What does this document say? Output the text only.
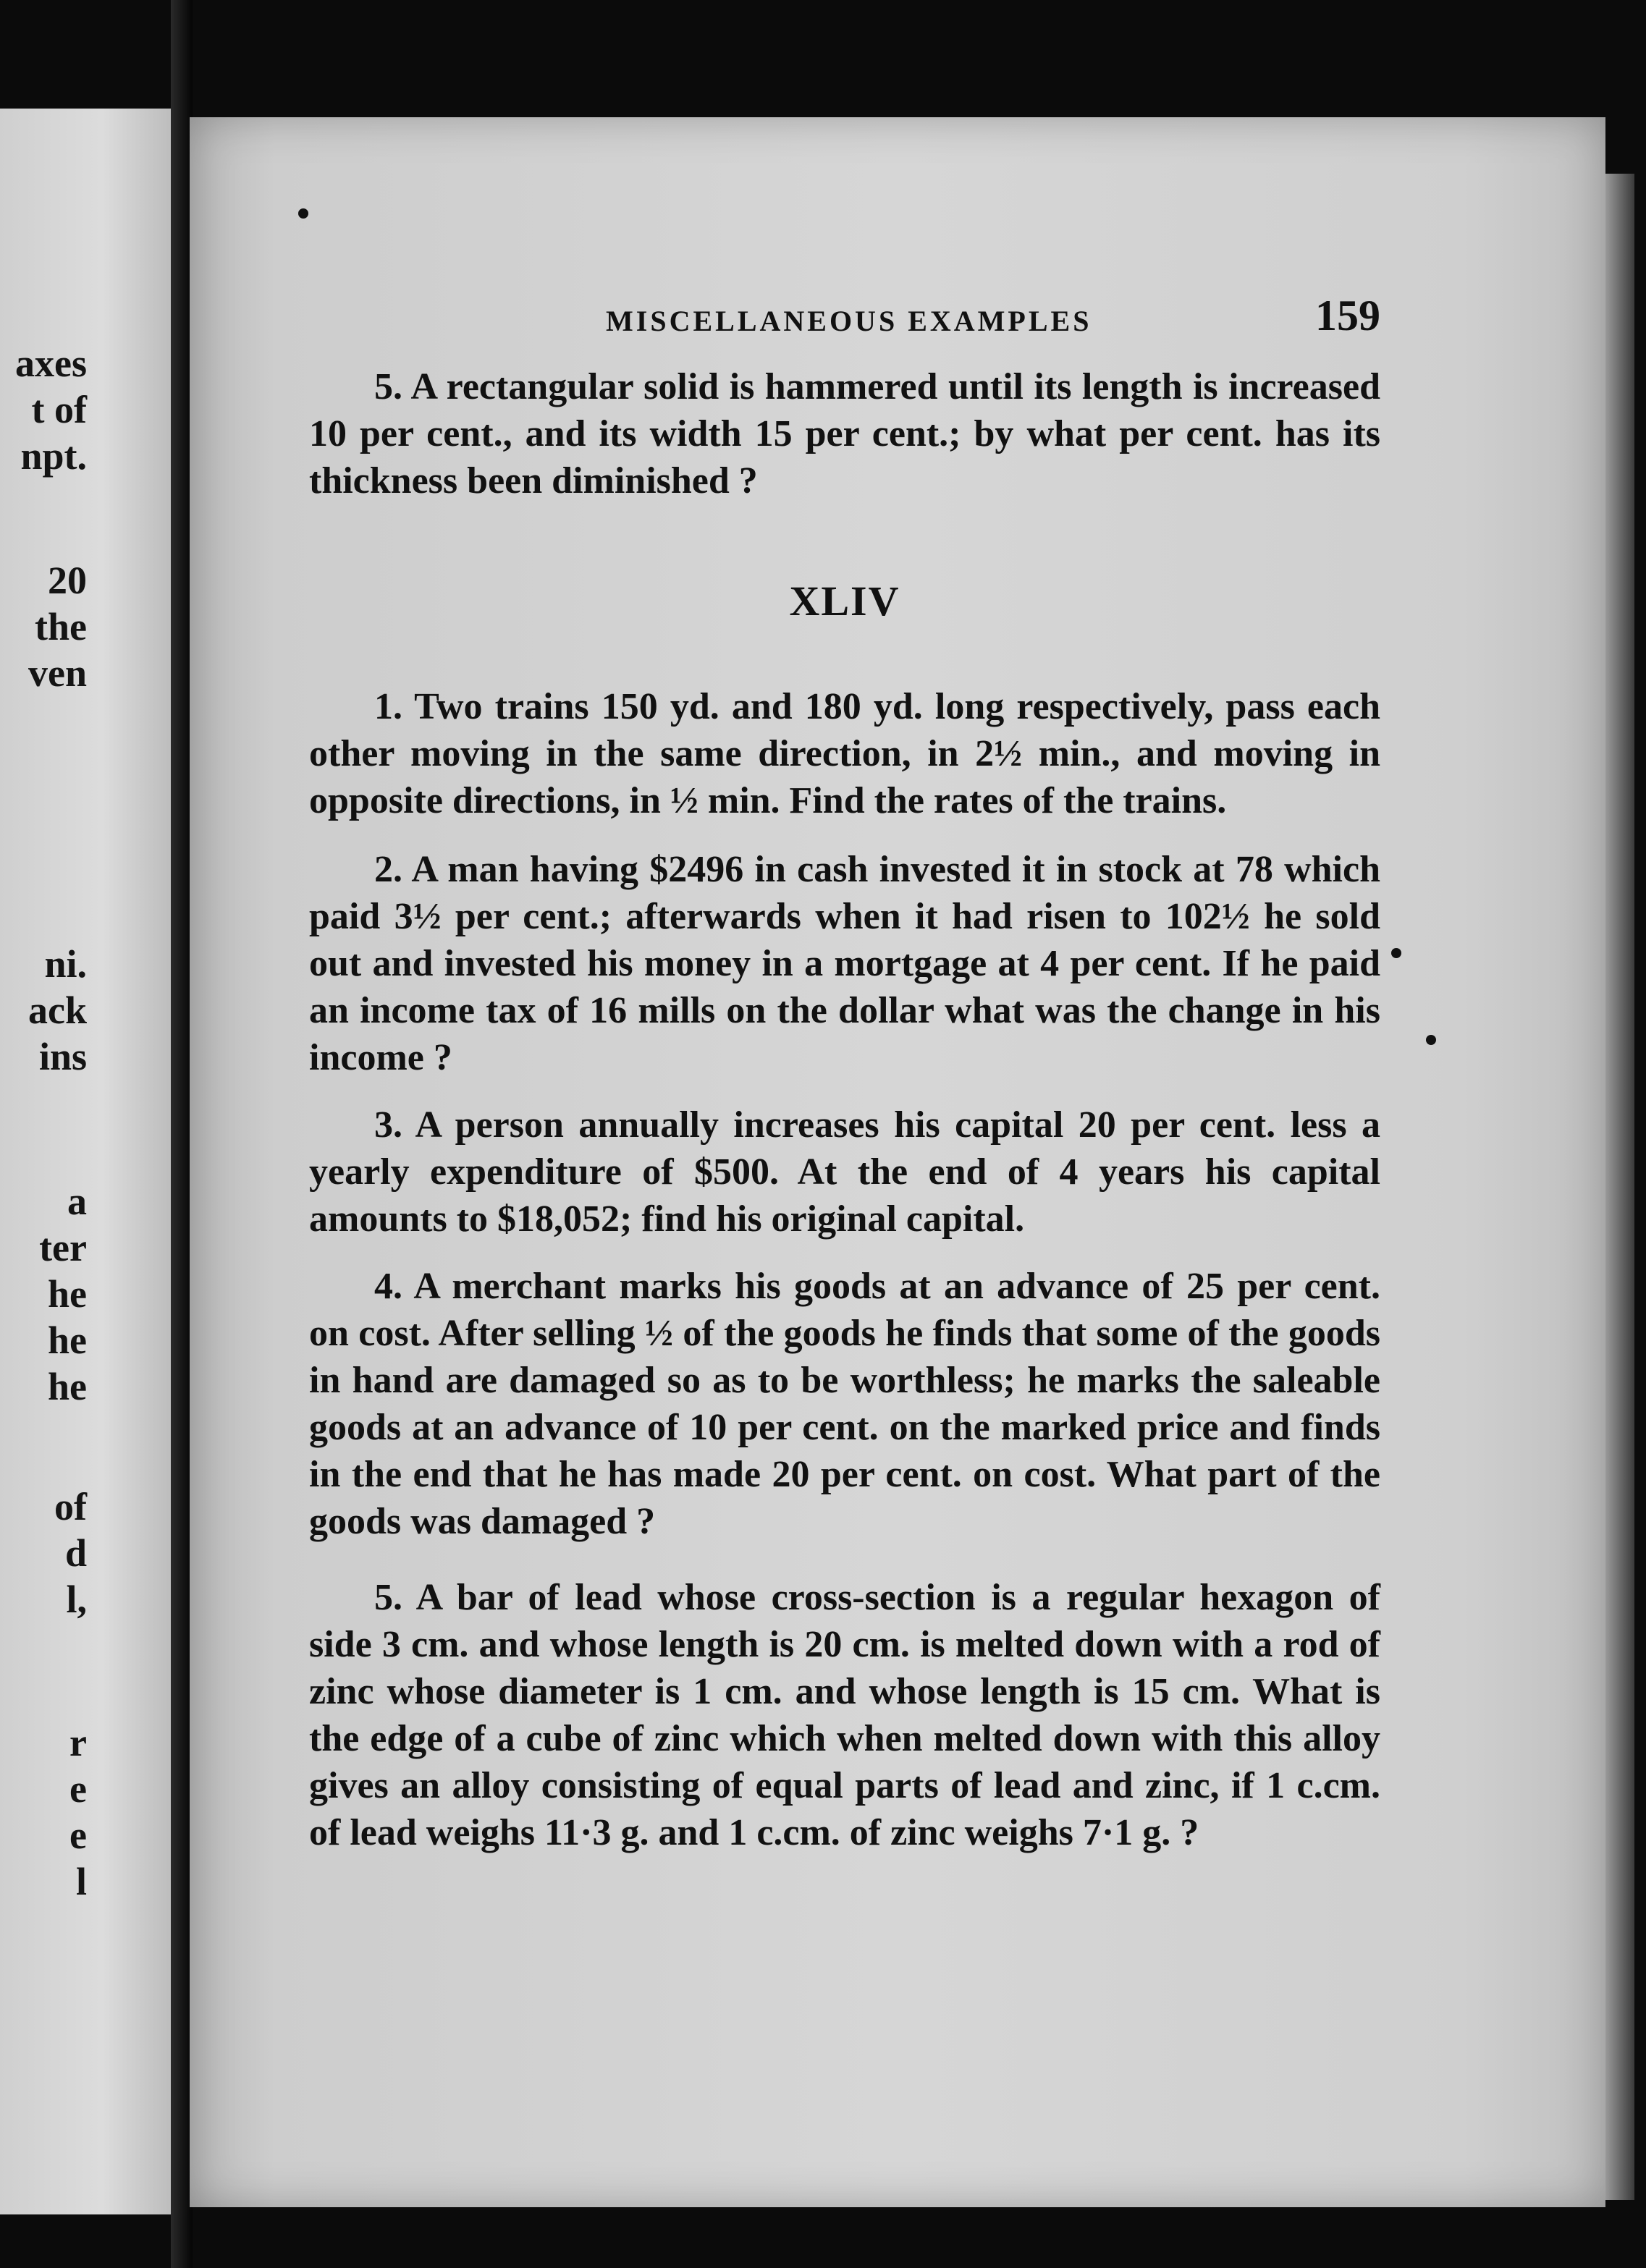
axes
t of
npt.
20
the
ven
ni.
ack
ins
a
ter
he
he
he
of
d
l,
r
e
e
l
MISCELLANEOUS EXAMPLES	159

5. A rectangular solid is hammered until its length is increased 10 per cent., and its width 15 per cent.; by what per cent. has its thickness been diminished ?

XLIV

1. Two trains 150 yd. and 180 yd. long respectively, pass each other moving in the same direction, in 2½ min., and moving in opposite directions, in ½ min. Find the rates of the trains.

2. A man having $2496 in cash invested it in stock at 78 which paid 3½ per cent.; afterwards when it had risen to 102½ he sold out and invested his money in a mortgage at 4 per cent. If he paid an income tax of 16 mills on the dollar what was the change in his income ?

3. A person annually increases his capital 20 per cent. less a yearly expenditure of $500. At the end of 4 years his capital amounts to $18,052; find his original capital.

4. A merchant marks his goods at an advance of 25 per cent. on cost. After selling ½ of the goods he finds that some of the goods in hand are damaged so as to be worthless; he marks the saleable goods at an advance of 10 per cent. on the marked price and finds in the end that he has made 20 per cent. on cost. What part of the goods was damaged ?

5. A bar of lead whose cross-section is a regular hexagon of side 3 cm. and whose length is 20 cm. is melted down with a rod of zinc whose diameter is 1 cm. and whose length is 15 cm. What is the edge of a cube of zinc which when melted down with this alloy gives an alloy consisting of equal parts of lead and zinc, if 1 c.cm. of lead weighs 11·3 g. and 1 c.cm. of zinc weighs 7·1 g. ?
